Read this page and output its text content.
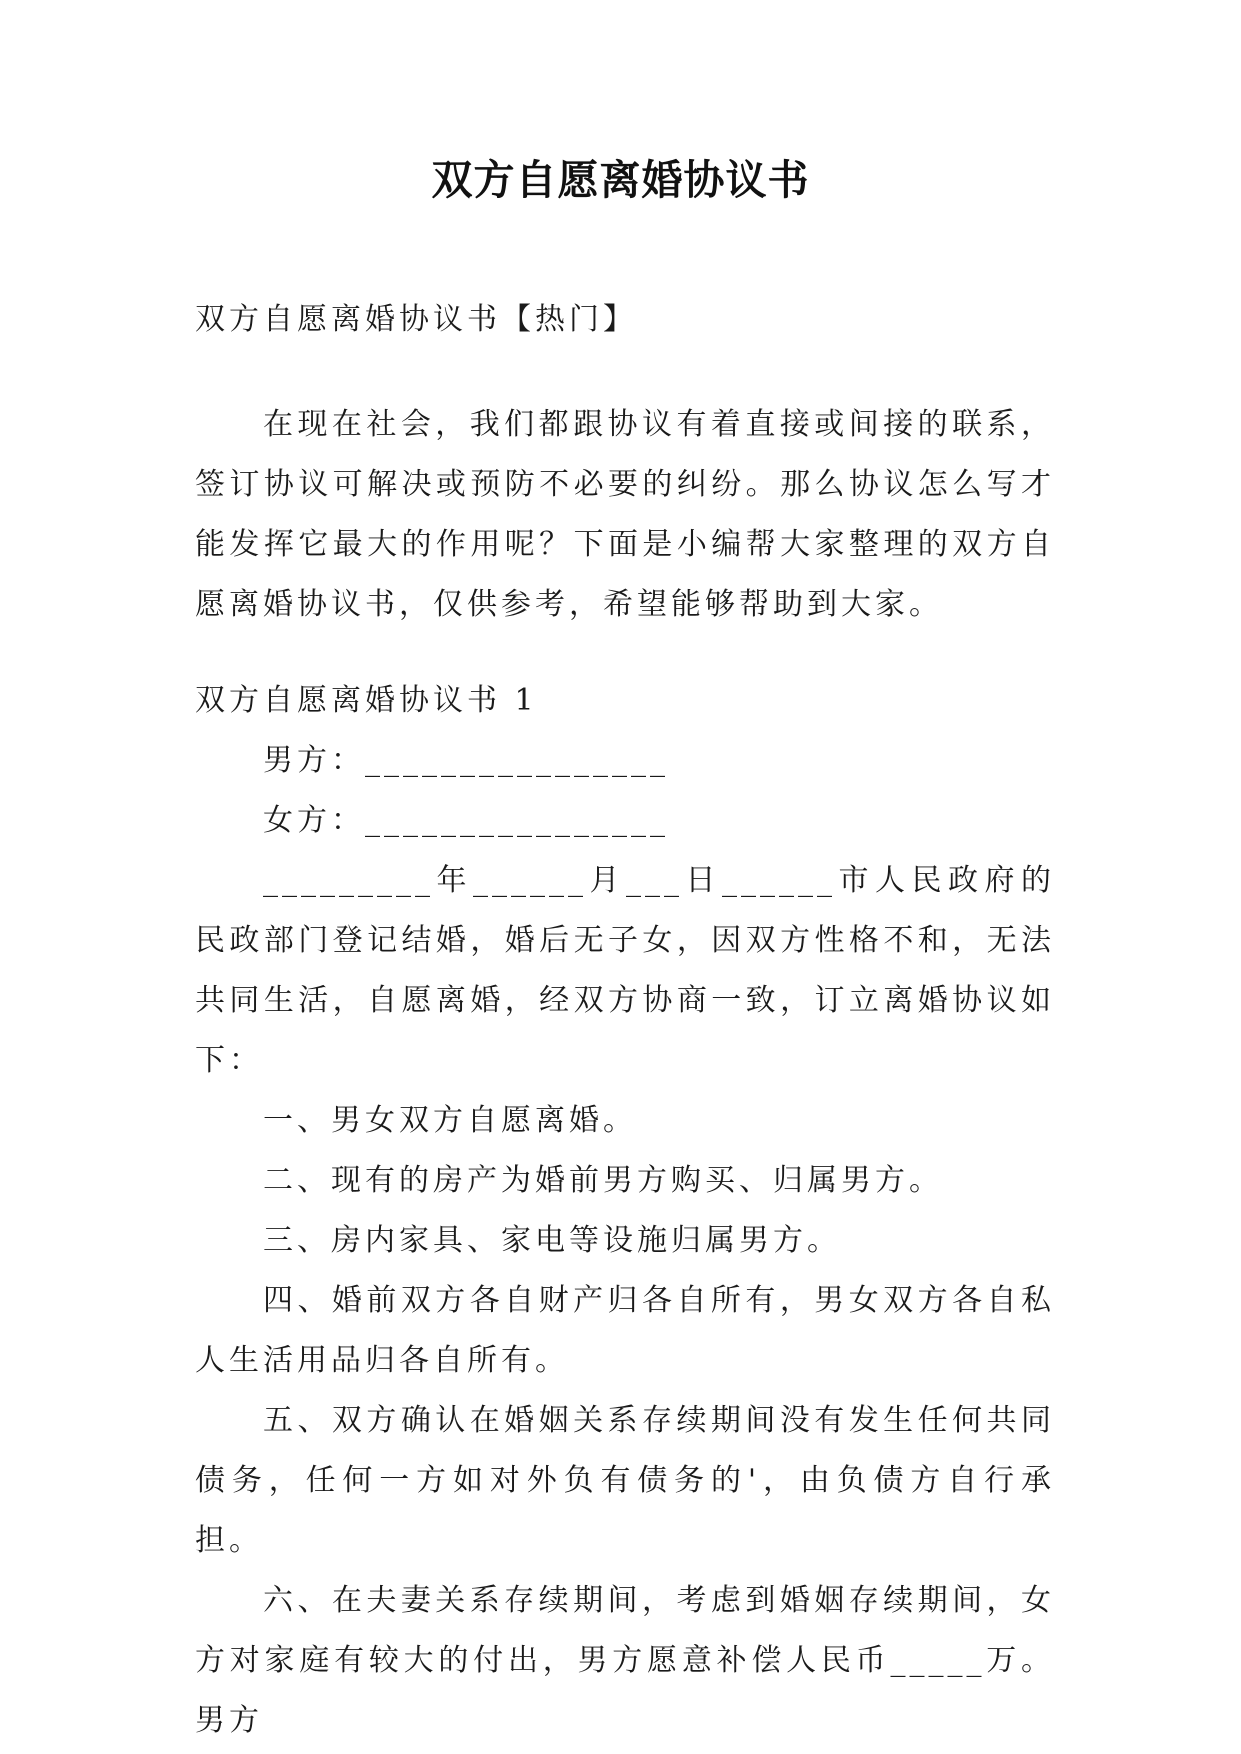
双方自愿离婚协议书

双方自愿离婚协议书【热门】

在现在社会，我们都跟协议有着直接或间接的联系，签订协议可解决或预防不必要的纠纷。那么协议怎么写才能发挥它最大的作用呢？下面是小编帮大家整理的双方自愿离婚协议书，仅供参考，希望能够帮助到大家。

双方自愿离婚协议书 1

男方：________________

女方：________________

_________年______月___日______市人民政府的民政部门登记结婚，婚后无子女，因双方性格不和，无法共同生活，自愿离婚，经双方协商一致，订立离婚协议如下：

一、男女双方自愿离婚。

二、现有的房产为婚前男方购买、归属男方。

三、房内家具、家电等设施归属男方。

四、婚前双方各自财产归各自所有，男女双方各自私人生活用品归各自所有。

五、双方确认在婚姻关系存续期间没有发生任何共同债务，任何一方如对外负有债务的'，由负债方自行承担。

六、在夫妻关系存续期间，考虑到婚姻存续期间，女方对家庭有较大的付出，男方愿意补偿人民币_____万。男方
